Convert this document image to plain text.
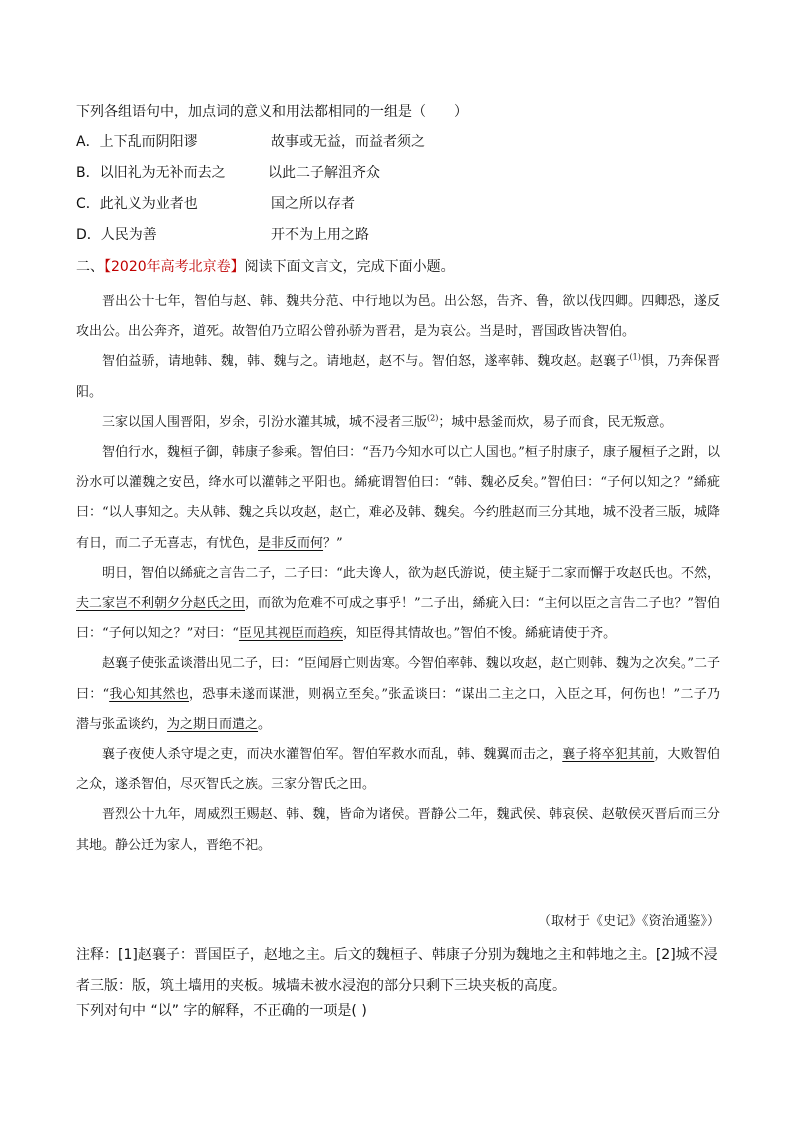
下列各组语句中，加点词的意义和用法都相同的一组是（　　）
A．上下乱而阴阳谬	故事或无益，而益者须之
B．以旧礼为无补而去之	以此二子解沮齐众
C．此礼义为业者也	国之所以存者
D．人民为善	开不为上用之路
二、【2020年高考北京卷】阅读下面文言文，完成下面小题。

晋出公十七年，智伯与赵、韩、魏共分范、中行地以为邑。出公怒，告齐、鲁，欲以伐四卿。四卿恐，遂反攻出公。出公奔齐，道死。故智伯乃立昭公曾孙骄为晋君，是为哀公。当是时，晋国政皆决智伯。

智伯益骄，请地韩、魏，韩、魏与之。请地赵，赵不与。智伯怒，遂率韩、魏攻赵。赵襄子$^{(1)}$惧，乃奔保晋阳。

三家以国人围晋阳，岁余，引汾水灌其城，城不浸者三版$^{(2)}$；城中悬釜而炊，易子而食，民无叛意。

智伯行水，魏桓子御，韩康子参乘。智伯曰：“吾乃今知水可以亡人国也。”桓子肘康子，康子履桓子之跗，以汾水可以灌魏之安邑，绛水可以灌韩之平阳也。絺疵谓智伯曰：“韩、魏必反矣。”智伯曰：“子何以知之？”絺疵曰：“以人事知之。夫从韩、魏之兵以攻赵，赵亡，难必及韩、魏矣。今约胜赵而三分其地，城不没者三版，城降有日，而二子无喜志，有忧色，是非反而何？”

明日，智伯以絺疵之言告二子，二子曰：“此夫谗人，欲为赵氏游说，使主疑于二家而懈于攻赵氏也。不然，夫二家岂不利朝夕分赵氏之田，而欲为危难不可成之事乎！”二子出，絺疵入曰：“主何以臣之言告二子也？”智伯曰：“子何以知之？”对曰：“臣见其视臣而趋疾，知臣得其情故也。”智伯不悛。絺疵请使于齐。

赵襄子使张孟谈潜出见二子，曰：“臣闻唇亡则齿寒。今智伯率韩、魏以攻赵，赵亡则韩、魏为之次矣。”二子曰：“我心知其然也，恐事未遂而谋泄，则祸立至矣。”张孟谈曰：“谋出二主之口，入臣之耳，何伤也！”二子乃潜与张孟谈约，为之期日而遣之。

襄子夜使人杀守堤之吏，而决水灌智伯军。智伯军救水而乱，韩、魏翼而击之，襄子将卒犯其前，大败智伯之众，遂杀智伯，尽灭智氏之族。三家分智氏之田。

晋烈公十九年，周威烈王赐赵、韩、魏，皆命为诸侯。晋静公二年，魏武侯、韩哀侯、赵敬侯灭晋后而三分其地。静公迁为家人，晋绝不祀。

（取材于《史记》《资治通鉴》）
注释：[1]赵襄子：晋国臣子，赵地之主。后文的魏桓子、韩康子分别为魏地之主和韩地之主。[2]城不浸者三版：版，筑土墙用的夹板。城墙未被水浸泡的部分只剩下三块夹板的高度。
下列对句中 “以” 字的解释，不正确的一项是( )
